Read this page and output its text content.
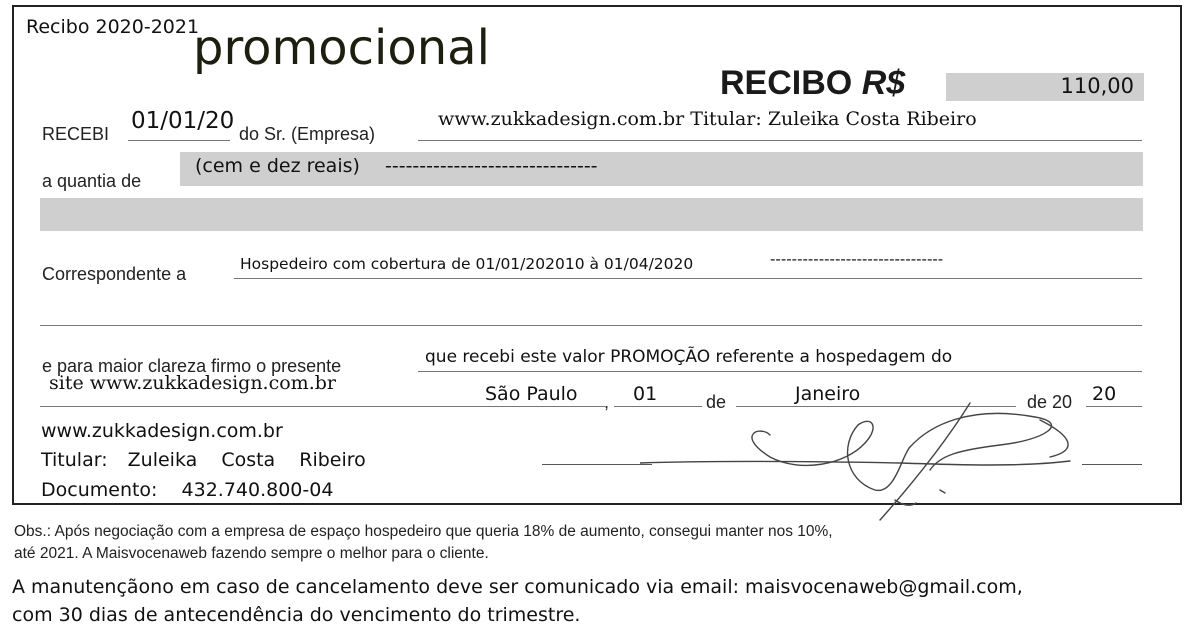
Recibo 2020-2021
promocional
RECIBO R$	110,00
RECEBI 01/01/20 do Sr. (Empresa)
www.zukkadesign.com.br Titular: Zuleika Costa Ribeiro
a quantia de
(cem e dez reais) -------------------------------
Correspondente a	Hospedeiro com cobertura de 01/01/202010 à 01/04/2020	--------------------------------
e para maior clareza firmo o presente	que recebi este valor PROMOÇÃO referente a hospedagem do
site www.zukkadesign.com.br	São Paulo , 01	de	Janeiro	de 20 20
www.zukkadesign.com.br
Titular: Zuleika Costa Ribeiro
Documento: 432.740.800-04
Obs.: Após negociação com a empresa de espaço hospedeiro que queria 18% de aumento, consegui manter nos 10%,
até 2021. A Maisvocenaweb fazendo sempre o melhor para o cliente.
A manutençãono em caso de cancelamento deve ser comunicado via email: maisvocenaweb@gmail.com,
com 30 dias de antecendência do vencimento do trimestre.
